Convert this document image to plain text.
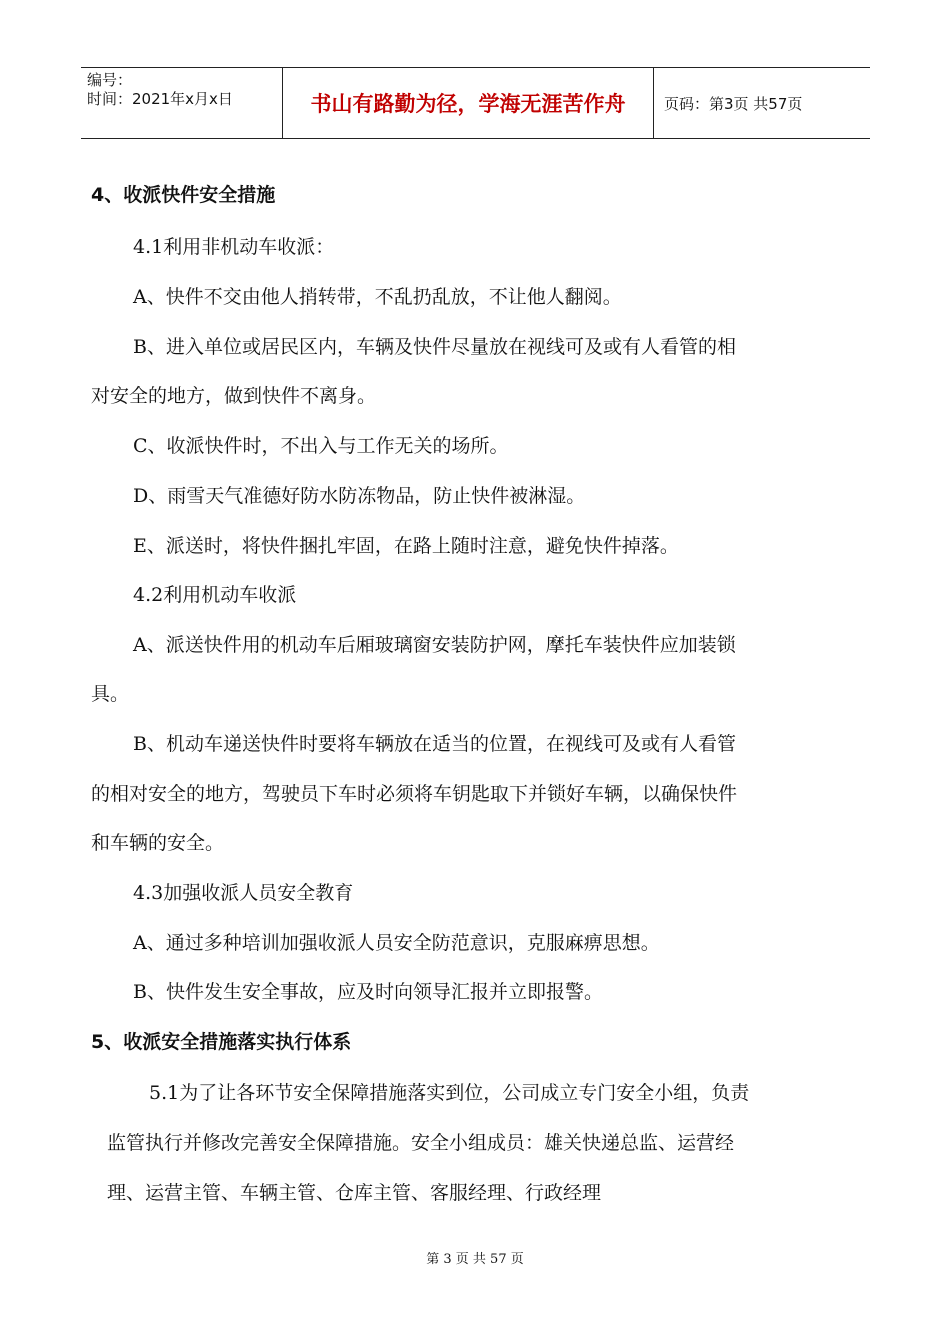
编号：
时间：2021年x月x日	书山有路勤为径，学海无涯苦作舟	页码：第3页 共57页
4、收派快件安全措施
4.1利用非机动车收派：
A、快件不交由他人捎转带，不乱扔乱放，不让他人翻阅。
B、进入单位或居民区内，车辆及快件尽量放在视线可及或有人看管的相
对安全的地方，做到快件不离身。
C、收派快件时，不出入与工作无关的场所。
D、雨雪天气准德好防水防冻物品，防止快件被淋湿。
E、派送时，将快件捆扎牢固，在路上随时注意，避免快件掉落。
4.2利用机动车收派
A、派送快件用的机动车后厢玻璃窗安装防护网，摩托车装快件应加装锁
具。
B、机动车递送快件时要将车辆放在适当的位置，在视线可及或有人看管
的相对安全的地方，驾驶员下车时必须将车钥匙取下并锁好车辆，以确保快件
和车辆的安全。
4.3加强收派人员安全教育
A、通过多种培训加强收派人员安全防范意识，克服麻痹思想。
B、快件发生安全事故，应及时向领导汇报并立即报警。
5、收派安全措施落实执行体系
5.1为了让各环节安全保障措施落实到位，公司成立专门安全小组，负责
监管执行并修改完善安全保障措施。安全小组成员：雄关快递总监、运营经
理、运营主管、车辆主管、仓库主管、客服经理、行政经理
第 3 页 共 57 页
